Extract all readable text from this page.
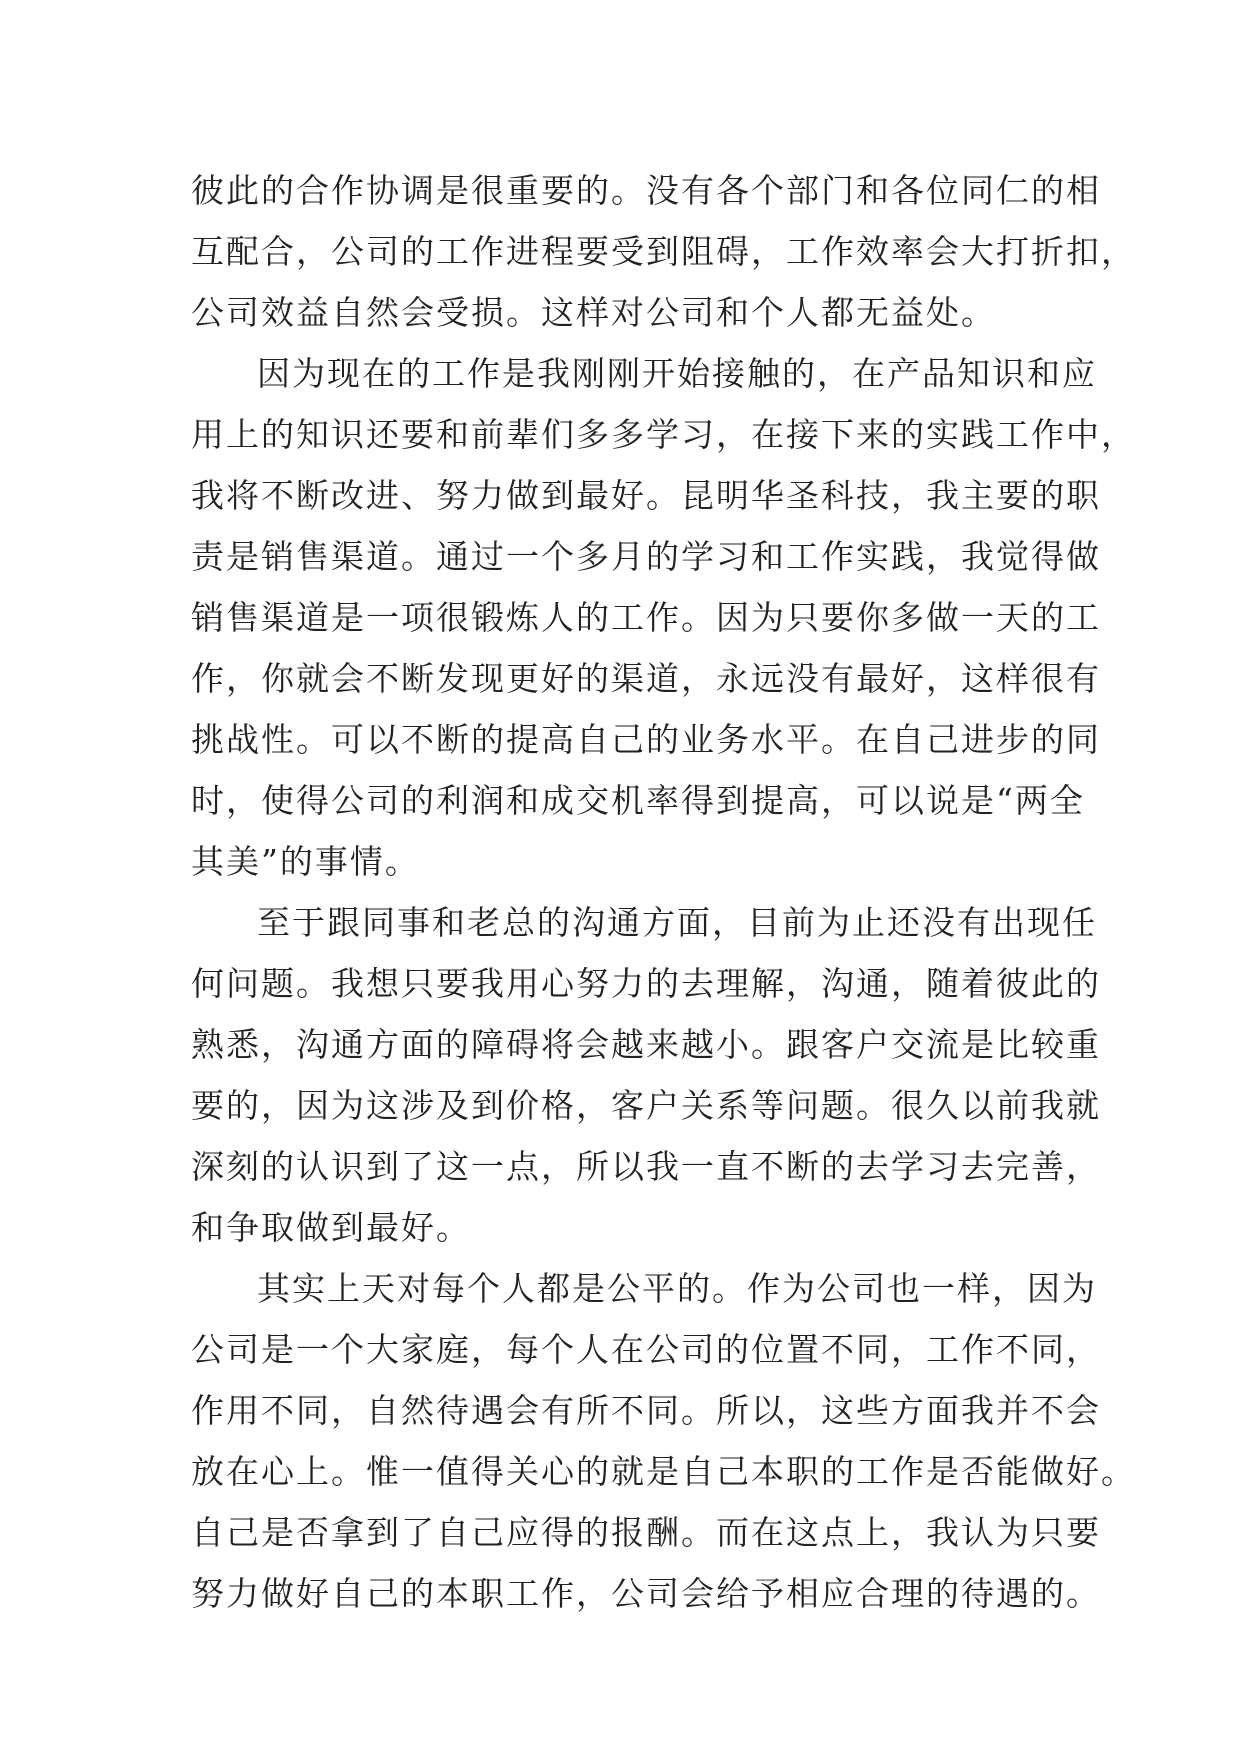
彼此的合作协调是很重要的。没有各个部门和各位同仁的相
互配合，公司的工作进程要受到阻碍，工作效率会大打折扣，
公司效益自然会受损。这样对公司和个人都无益处。
因为现在的工作是我刚刚开始接触的，在产品知识和应
用上的知识还要和前辈们多多学习，在接下来的实践工作中，
我将不断改进、努力做到最好。昆明华圣科技，我主要的职
责是销售渠道。通过一个多月的学习和工作实践，我觉得做
销售渠道是一项很锻炼人的工作。因为只要你多做一天的工
作，你就会不断发现更好的渠道，永远没有最好，这样很有
挑战性。可以不断的提高自己的业务水平。在自己进步的同
时，使得公司的利润和成交机率得到提高，可以说是“两全
其美”的事情。
至于跟同事和老总的沟通方面，目前为止还没有出现任
何问题。我想只要我用心努力的去理解，沟通，随着彼此的
熟悉，沟通方面的障碍将会越来越小。跟客户交流是比较重
要的，因为这涉及到价格，客户关系等问题。很久以前我就
深刻的认识到了这一点，所以我一直不断的去学习去完善，
和争取做到最好。
其实上天对每个人都是公平的。作为公司也一样，因为
公司是一个大家庭，每个人在公司的位置不同，工作不同，
作用不同，自然待遇会有所不同。所以，这些方面我并不会
放在心上。惟一值得关心的就是自己本职的工作是否能做好。
自己是否拿到了自己应得的报酬。而在这点上，我认为只要
努力做好自己的本职工作，公司会给予相应合理的待遇的。
